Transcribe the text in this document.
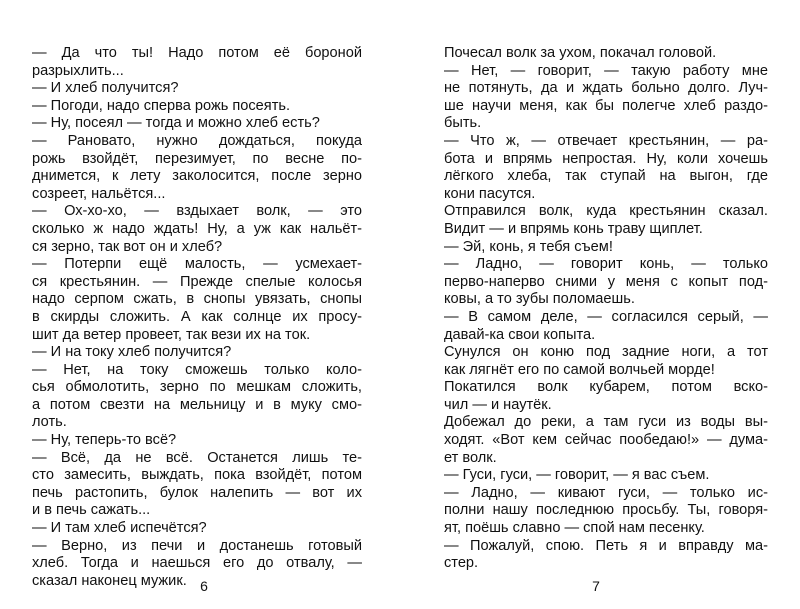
— Да что ты! Надо потом её бороной
разрыхлить...
— И хлеб получится?
— Погоди, надо сперва рожь посеять.
— Ну, посеял — тогда и можно хлеб есть?
— Рановато, нужно дождаться, покуда
рожь взойдёт, перезимует, по весне по-
днимется, к лету заколосится, после зерно
созреет, нальётся...
— Ох-хо-хо, — вздыхает волк, — это
сколько ж надо ждать! Ну, а уж как нальёт-
ся зерно, так вот он и хлеб?
— Потерпи ещё малость, — усмехает-
ся крестьянин. — Прежде спелые колосья
надо серпом сжать, в снопы увязать, снопы
в скирды сложить. А как солнце их просу-
шит да ветер провеет, так вези их на ток.
— И на току хлеб получится?
— Нет, на току сможешь только коло-
сья обмолотить, зерно по мешкам сложить,
а потом свезти на мельницу и в муку смо-
лоть.
— Ну, теперь-то всё?
— Всё, да не всё. Останется лишь те-
сто замесить, выждать, пока взойдёт, потом
печь растопить, булок налепить — вот их
и в печь сажать...
— И там хлеб испечётся?
— Верно, из печи и достанешь готовый
хлеб. Тогда и наешься его до отвалу, —
сказал наконец мужик. 6
Почесал волк за ухом, покачал головой.
— Нет, — говорит, — такую работу мне
не потянуть, да и ждать больно долго. Луч-
ше научи меня, как бы полегче хлеб раздо-
быть.
— Что ж, — отвечает крестьянин, — ра-
бота и впрямь непростая. Ну, коли хочешь
лёгкого хлеба, так ступай на выгон, где
кони пасутся.
Отправился волк, куда крестьянин сказал.
Видит — и впрямь конь траву щиплет.
— Эй, конь, я тебя съем!
— Ладно, — говорит конь, — только
перво-наперво сними у меня с копыт под-
ковы, а то зубы поломаешь.
— В самом деле, — согласился серый, —
давай-ка свои копыта.
Сунулся он коню под задние ноги, а тот
как лягнёт его по самой волчьей морде!
Покатился волк кубарем, потом вско-
чил — и наутёк.
Добежал до реки, а там гуси из воды вы-
ходят. «Вот кем сейчас пообедаю!» — дума-
ет волк.
— Гуси, гуси, — говорит, — я вас съем.
— Ладно, — кивают гуси, — только ис-
полни нашу последнюю просьбу. Ты, говоря-
ят, поёшь славно — спой нам песенку.
— Пожалуй, спою. Петь я и вправду ма-
стер.
7
